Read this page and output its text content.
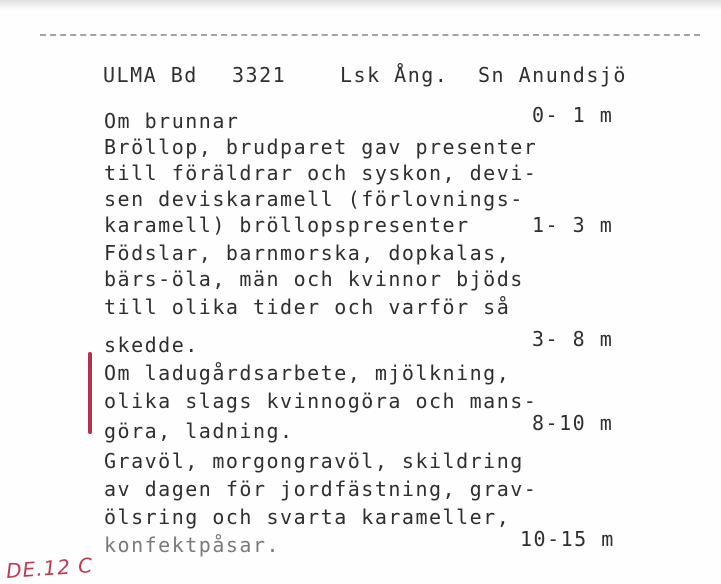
ULMA Bd 3321	Lsk Ång. Sn Anundsjö
Om brunnar
Bröllop, brudparet gav presenter
till föräldrar och syskon, devi-
sen deviskaramell (förlovnings-
karamell) bröllopspresenter
Födslar, barnmorska, dopkalas,
bärs-öla, män och kvinnor bjöds
till olika tider och varför så
skedde.
Om ladugårdsarbete, mjölkning,
olika slags kvinnogöra och mans-
göra, ladning.
Gravöl, morgongravöl, skildring
av dagen för jordfästning, grav-
ölsring och svarta karameller,
konfektpåsar.
0- 1 m
1- 3 m
3- 8 m
8-10 m
10-15 m
DE.12 C
